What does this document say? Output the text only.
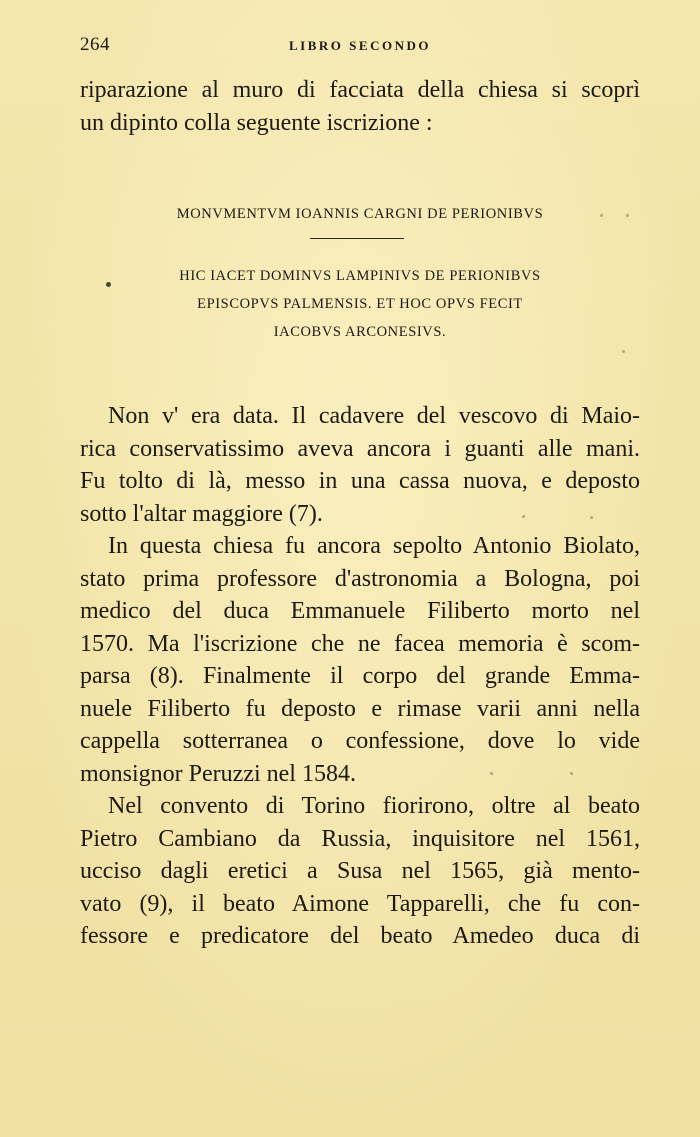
264	LIBRO SECONDO

riparazione al muro di facciata della chiesa si scoprì
un dipinto colla seguente iscrizione :

MONVMENTVM IOANNIS CARGNI DE PERIONIBVS
HIC IACET DOMINVS LAMPINIVS DE PERIONIBVS
EPISCOPVS PALMENSIS. ET HOC OPVS FECIT
IACOBVS ARCONESIVS.

Non v' era data. Il cadavere del vescovo di Maio-
rica conservatissimo aveva ancora i guanti alle mani.
Fu tolto di là, messo in una cassa nuova, e deposto
sotto l'altar maggiore (7).

In questa chiesa fu ancora sepolto Antonio Biolato,
stato prima professore d'astronomia a Bologna, poi
medico del duca Emmanuele Filiberto morto nel
1570. Ma l'iscrizione che ne facea memoria è scom-
parsa (8). Finalmente il corpo del grande Emma-
nuele Filiberto fu deposto e rimase varii anni nella
cappella sotterranea o confessione, dove lo vide
monsignor Peruzzi nel 1584.

Nel convento di Torino fiorirono, oltre al beato
Pietro Cambiano da Russia, inquisitore nel 1561,
ucciso dagli eretici a Susa nel 1565, già mento-
vato (9), il beato Aimone Tapparelli, che fu con-
fessore e predicatore del beato Amedeo duca di
